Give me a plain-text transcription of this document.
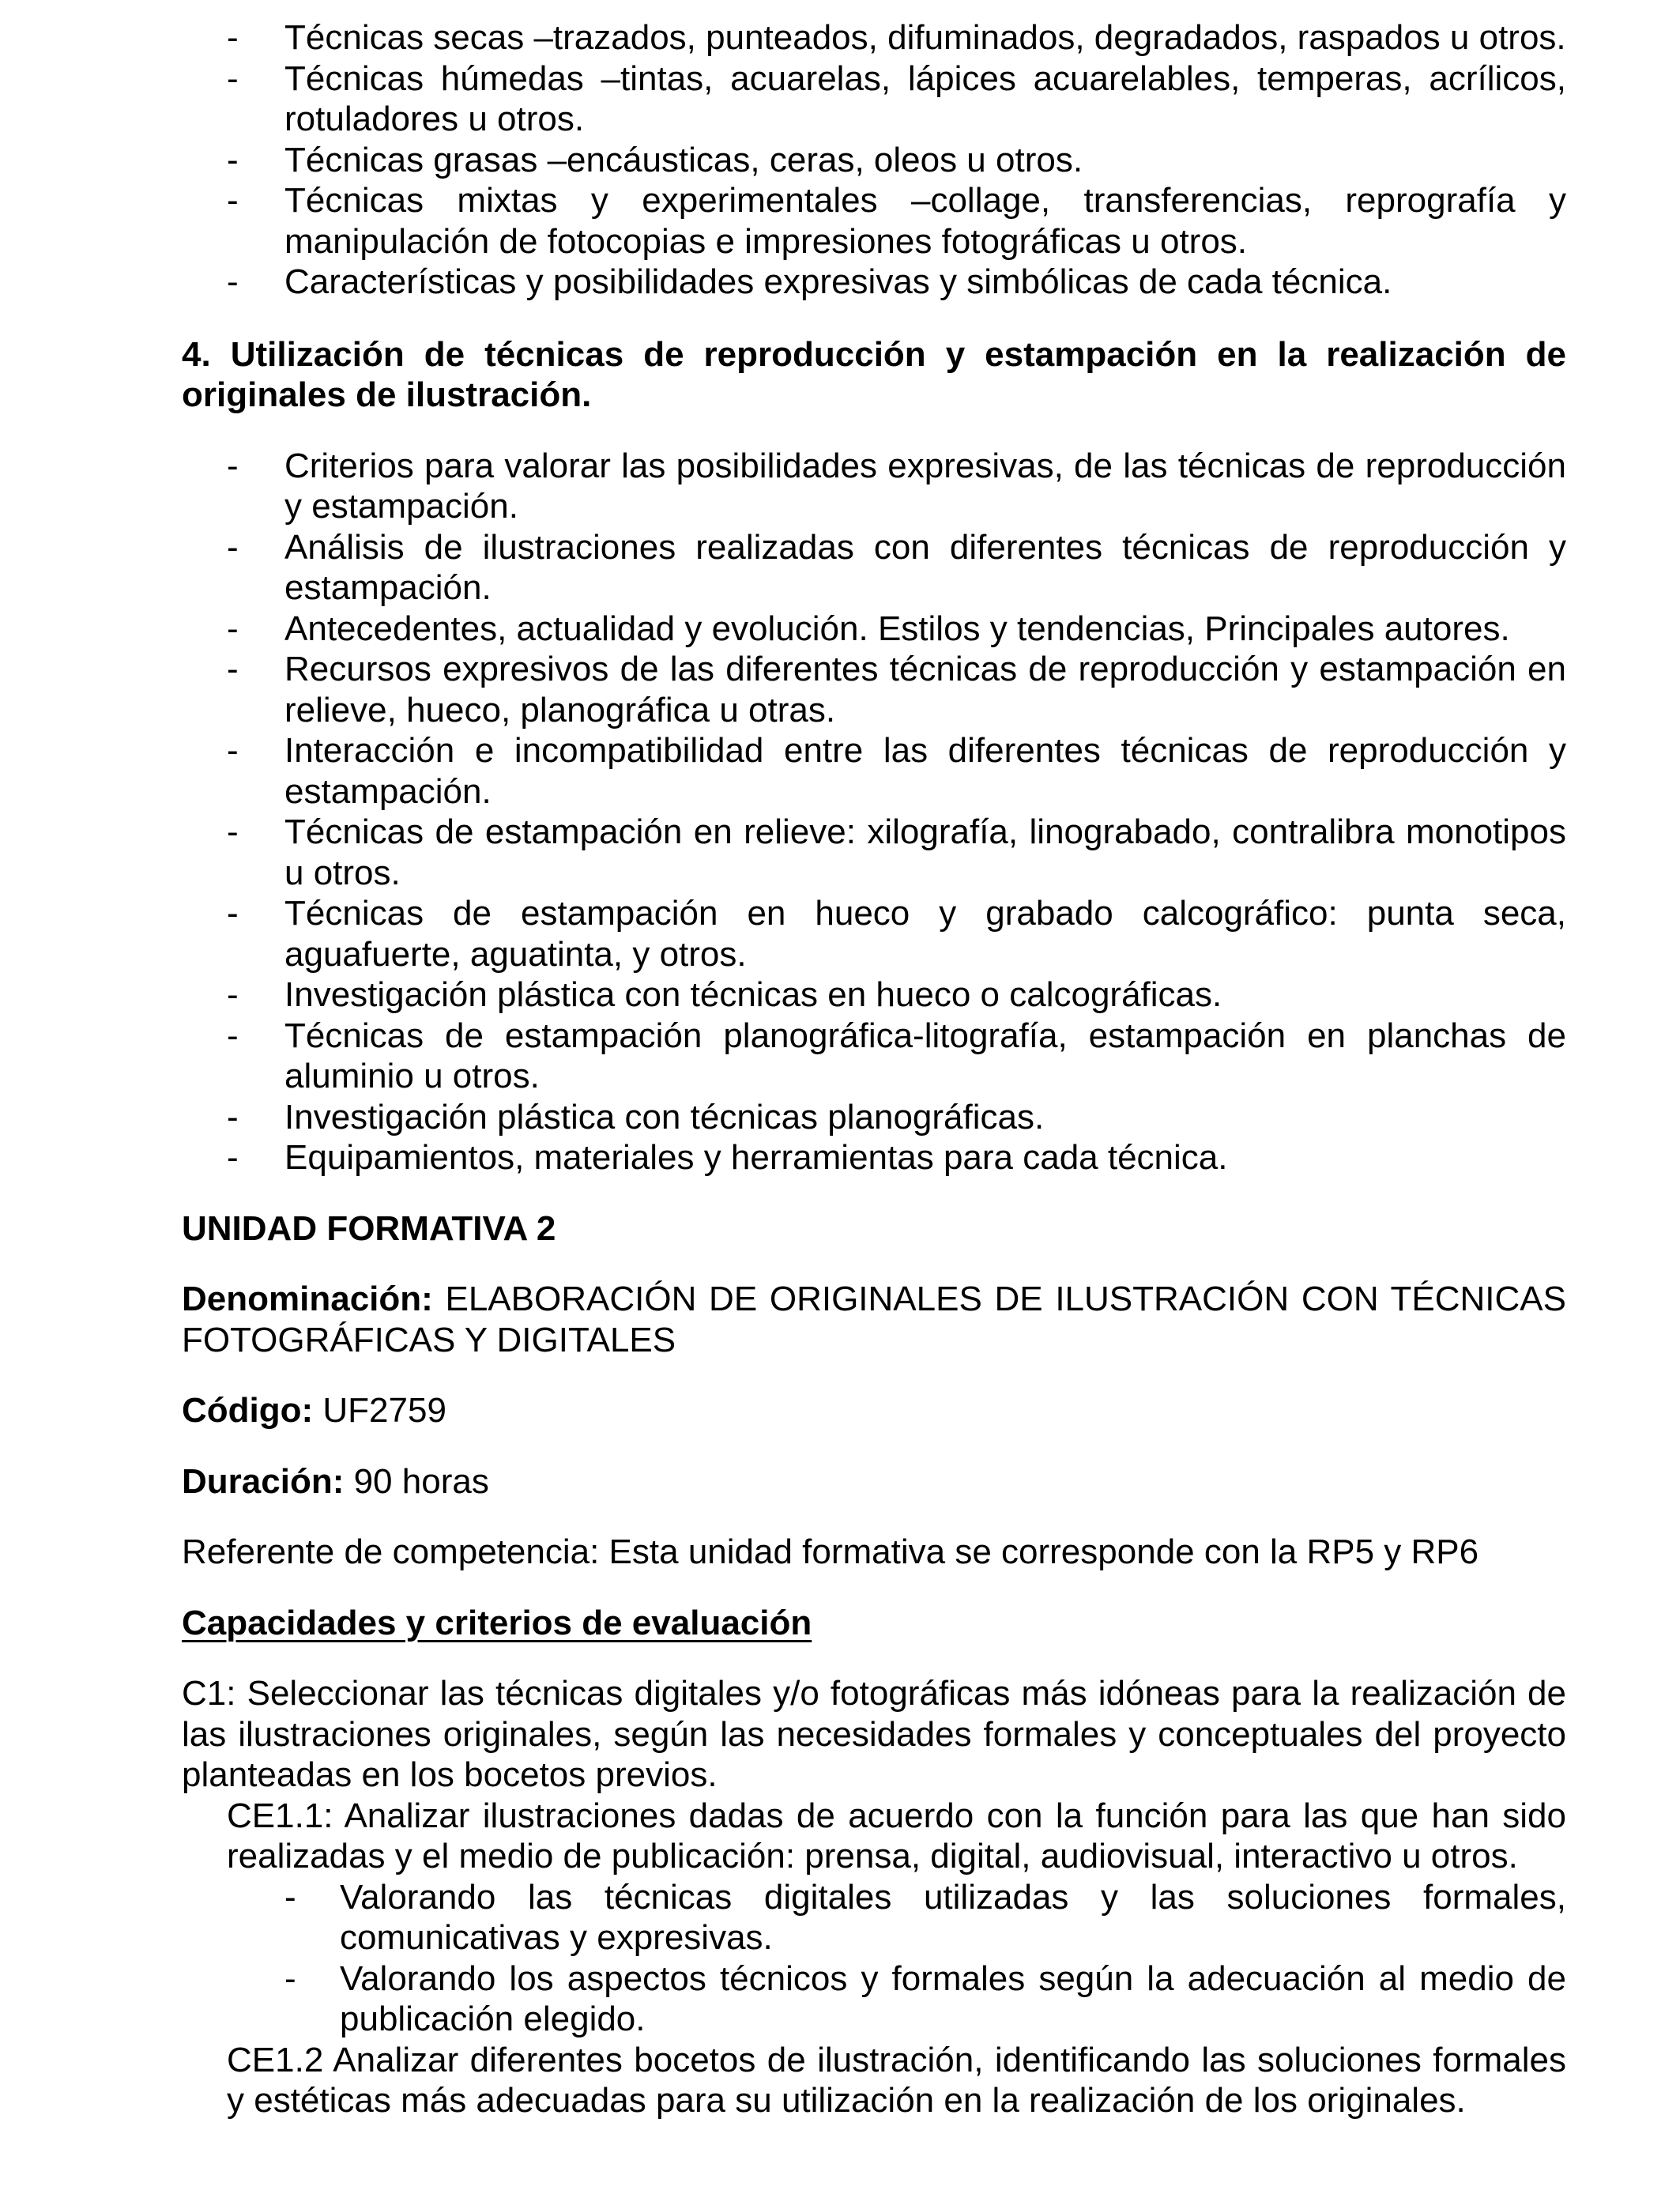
- Técnicas secas –trazados, punteados, difuminados, degradados, raspados u otros.
- Técnicas húmedas –tintas, acuarelas, lápices acuarelables, temperas, acrílicos, rotuladores u otros.
- Técnicas grasas –encáusticas, ceras, oleos u otros.
- Técnicas mixtas y experimentales –collage, transferencias, reprografía y manipulación de fotocopias e impresiones fotográficas u otros.
- Características y posibilidades expresivas y simbólicas de cada técnica.

4. Utilización de técnicas de reproducción y estampación en la realización de originales de ilustración.

- Criterios para valorar las posibilidades expresivas, de las técnicas de reproducción y estampación.
- Análisis de ilustraciones realizadas con diferentes técnicas de reproducción y estampación.
- Antecedentes, actualidad y evolución. Estilos y tendencias, Principales autores.
- Recursos expresivos de las diferentes técnicas de reproducción y estampación en relieve, hueco, planográfica u otras.
- Interacción e incompatibilidad entre las diferentes técnicas de reproducción y estampación.
- Técnicas de estampación en relieve: xilografía, linograbado, contralibra monotipos u otros.
- Técnicas de estampación en hueco y grabado calcográfico: punta seca, aguafuerte, aguatinta, y otros.
- Investigación plástica con técnicas en hueco o calcográficas.
- Técnicas de estampación planográfica-litografía, estampación en planchas de aluminio u otros.
- Investigación plástica con técnicas planográficas.
- Equipamientos, materiales y herramientas para cada técnica.

UNIDAD FORMATIVA 2

Denominación: ELABORACIÓN DE ORIGINALES DE ILUSTRACIÓN CON TÉCNICAS FOTOGRÁFICAS Y DIGITALES

Código: UF2759

Duración: 90 horas

Referente de competencia: Esta unidad formativa se corresponde con la RP5 y RP6

Capacidades y criterios de evaluación

C1: Seleccionar las técnicas digitales y/o fotográficas más idóneas para la realización de las ilustraciones originales, según las necesidades formales y conceptuales del proyecto planteadas en los bocetos previos.

CE1.1: Analizar ilustraciones dadas de acuerdo con la función para las que han sido realizadas y el medio de publicación: prensa, digital, audiovisual, interactivo u otros.

- Valorando las técnicas digitales utilizadas y las soluciones formales, comunicativas y expresivas.
- Valorando los aspectos técnicos y formales según la adecuación al medio de publicación elegido.

CE1.2 Analizar diferentes bocetos de ilustración, identificando las soluciones formales y estéticas más adecuadas para su utilización en la realización de los originales.
